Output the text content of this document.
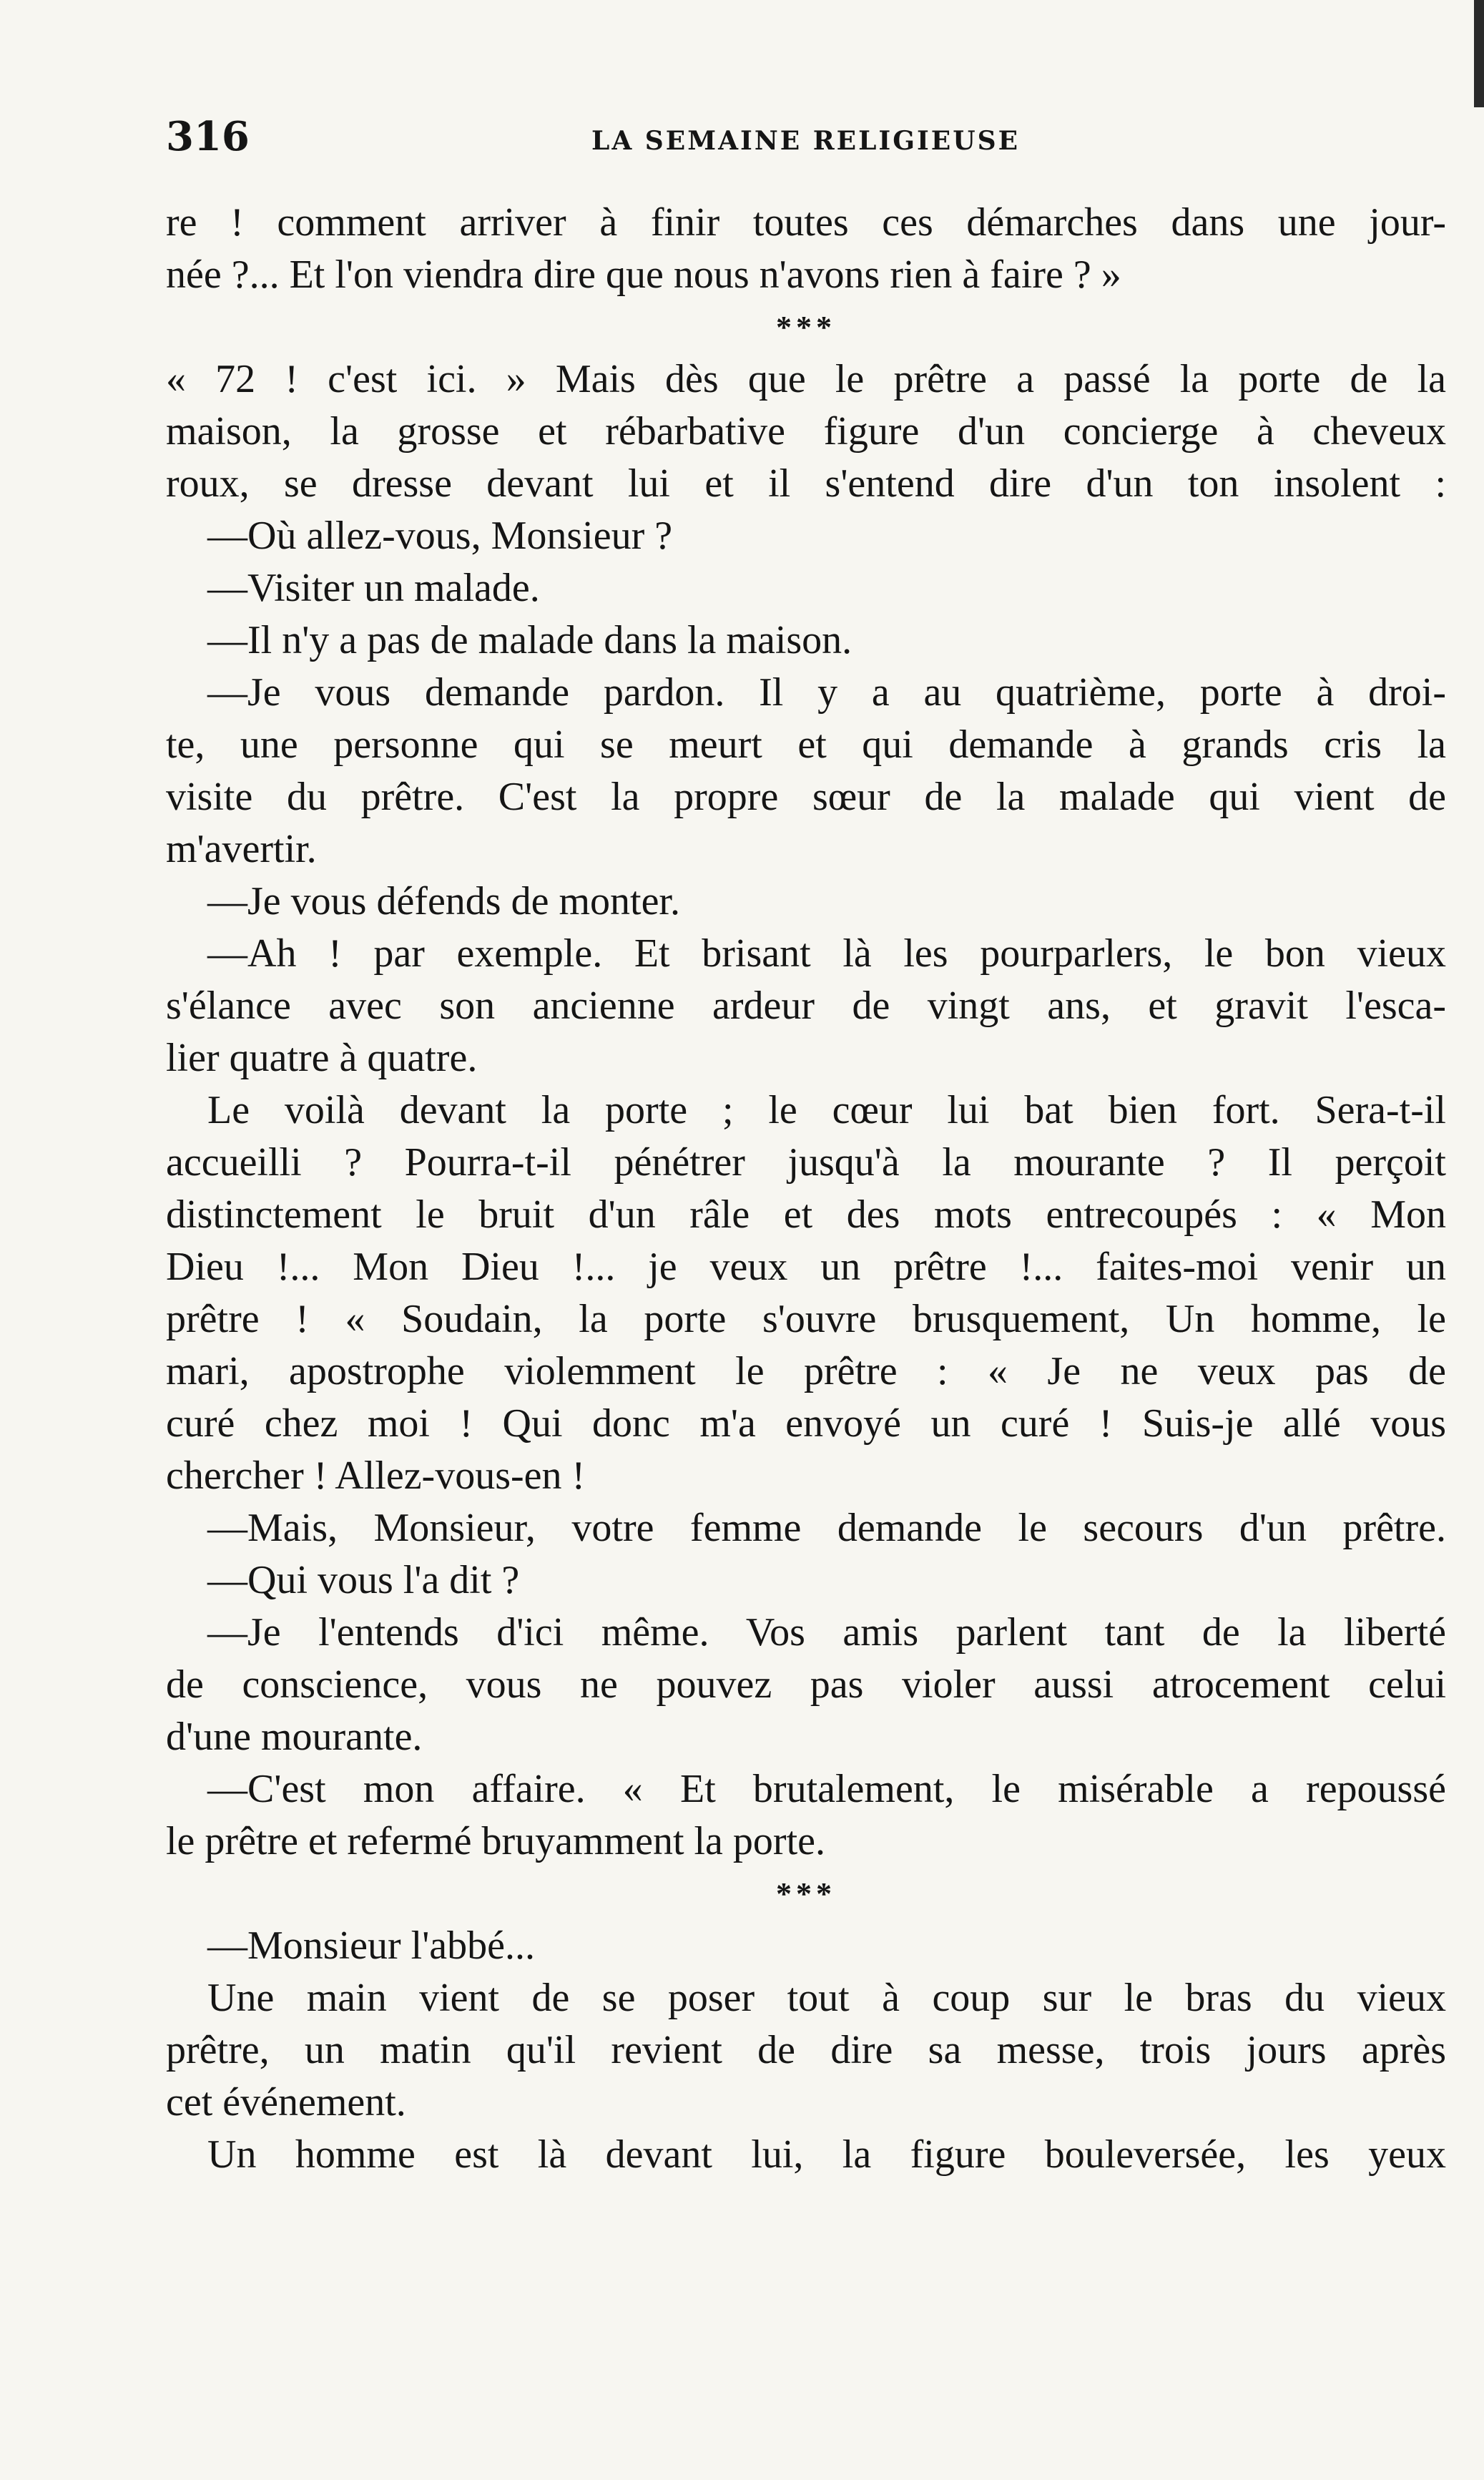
316	LA SEMAINE RELIGIEUSE
re ! comment arriver à finir toutes ces démarches dans une jour-
née ?... Et l'on viendra dire que nous n'avons rien à faire ? »
***
« 72 ! c'est ici. » Mais dès que le prêtre a passé la porte de la
maison, la grosse et rébarbative figure d'un concierge à cheveux
roux, se dresse devant lui et il s'entend dire d'un ton insolent :
—Où allez-vous, Monsieur ?
—Visiter un malade.
—Il n'y a pas de malade dans la maison.
—Je vous demande pardon. Il y a au quatrième, porte à droi-
te, une personne qui se meurt et qui demande à grands cris la
visite du prêtre. C'est la propre sœur de la malade qui vient de
m'avertir.
—Je vous défends de monter.
—Ah ! par exemple. Et brisant là les pourparlers, le bon vieux
s'élance avec son ancienne ardeur de vingt ans, et gravit l'esca-
lier quatre à quatre.
Le voilà devant la porte ; le cœur lui bat bien fort. Sera-t-il
accueilli ? Pourra-t-il pénétrer jusqu'à la mourante ? Il perçoit
distinctement le bruit d'un râle et des mots entrecoupés : « Mon
Dieu !... Mon Dieu !... je veux un prêtre !... faites-moi venir un
prêtre ! « Soudain, la porte s'ouvre brusquement, Un homme, le
mari, apostrophe violemment le prêtre : « Je ne veux pas de
curé chez moi ! Qui donc m'a envoyé un curé ! Suis-je allé vous
chercher ! Allez-vous-en !
—Mais, Monsieur, votre femme demande le secours d'un prêtre.
—Qui vous l'a dit ?
—Je l'entends d'ici même. Vos amis parlent tant de la liberté
de conscience, vous ne pouvez pas violer aussi atrocement celui
d'une mourante.
—C'est mon affaire. « Et brutalement, le misérable a repoussé
le prêtre et refermé bruyamment la porte.
***
—Monsieur l'abbé...
Une main vient de se poser tout à coup sur le bras du vieux
prêtre, un matin qu'il revient de dire sa messe, trois jours après
cet événement.
Un homme est là devant lui, la figure bouleversée, les yeux
